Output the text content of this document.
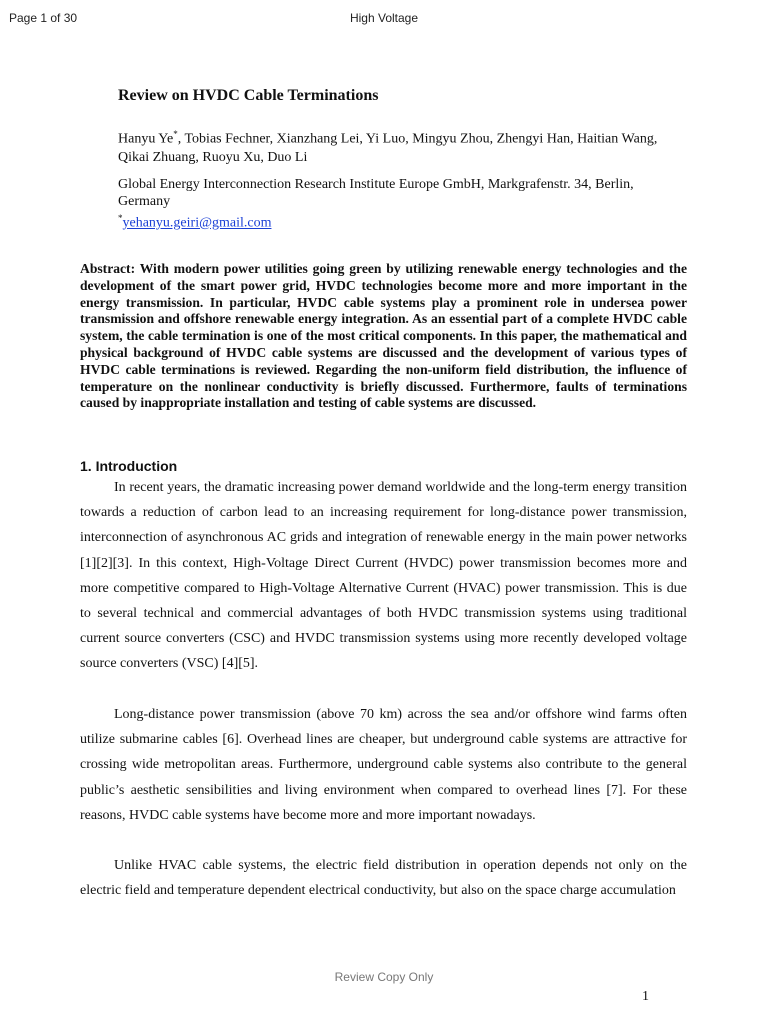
Page 1 of 30	High Voltage
Review on HVDC Cable Terminations

Hanyu Ye*, Tobias Fechner, Xianzhang Lei, Yi Luo, Mingyu Zhou, Zhengyi Han, Haitian Wang, Qikai Zhuang, Ruoyu Xu, Duo Li

Global Energy Interconnection Research Institute Europe GmbH, Markgrafenstr. 34, Berlin, Germany
*yehanyu.geiri@gmail.com

Abstract: With modern power utilities going green by utilizing renewable energy technologies and the development of the smart power grid, HVDC technologies become more and more important in the energy transmission. In particular, HVDC cable systems play a prominent role in undersea power transmission and offshore renewable energy integration. As an essential part of a complete HVDC cable system, the cable termination is one of the most critical components. In this paper, the mathematical and physical background of HVDC cable systems are discussed and the development of various types of HVDC cable terminations is reviewed. Regarding the non-uniform field distribution, the influence of temperature on the nonlinear conductivity is briefly discussed. Furthermore, faults of terminations caused by inappropriate installation and testing of cable systems are discussed.

1. Introduction

In recent years, the dramatic increasing power demand worldwide and the long-term energy transition towards a reduction of carbon lead to an increasing requirement for long-distance power transmission, interconnection of asynchronous AC grids and integration of renewable energy in the main power networks [1][2][3]. In this context, High-Voltage Direct Current (HVDC) power transmission becomes more and more competitive compared to High-Voltage Alternative Current (HVAC) power transmission. This is due to several technical and commercial advantages of both HVDC transmission systems using traditional current source converters (CSC) and HVDC transmission systems using more recently developed voltage source converters (VSC) [4][5].

Long-distance power transmission (above 70 km) across the sea and/or offshore wind farms often utilize submarine cables [6]. Overhead lines are cheaper, but underground cable systems are attractive for crossing wide metropolitan areas. Furthermore, underground cable systems also contribute to the general public’s aesthetic sensibilities and living environment when compared to overhead lines [7]. For these reasons, HVDC cable systems have become more and more important nowadays.

Unlike HVAC cable systems, the electric field distribution in operation depends not only on the electric field and temperature dependent electrical conductivity, but also on the space charge accumulation

Review Copy Only
1
